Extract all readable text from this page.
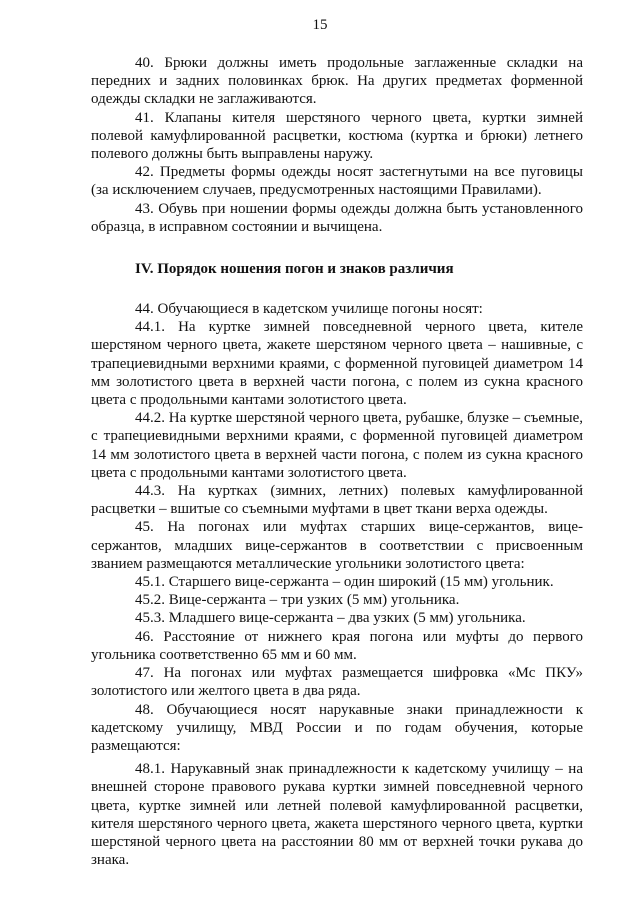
15

40. Брюки должны иметь продольные заглаженные складки на передних и задних половинках брюк. На других предметах форменной одежды складки не заглаживаются.

41. Клапаны кителя шерстяного черного цвета, куртки зимней полевой камуфлированной расцветки, костюма (куртка и брюки) летнего полевого должны быть выправлены наружу.

42. Предметы формы одежды носят застегнутыми на все пуговицы (за исключением случаев, предусмотренных настоящими Правилами).

43. Обувь при ношении формы одежды должна быть установленного образца, в исправном состоянии и вычищена.

IV. Порядок ношения погон и знаков различия

44. Обучающиеся в кадетском училище погоны носят:

44.1. На куртке зимней повседневной черного цвета, кителе шерстяном черного цвета, жакете шерстяном черного цвета – нашивные, с трапециевидными верхними краями, с форменной пуговицей диаметром 14 мм золотистого цвета в верхней части погона, с полем из сукна красного цвета с продольными кантами золотистого цвета.

44.2. На куртке шерстяной черного цвета, рубашке, блузке – съемные, с трапециевидными верхними краями, с форменной пуговицей диаметром 14 мм золотистого цвета в верхней части погона, с полем из сукна красного цвета с продольными кантами золотистого цвета.

44.3. На куртках (зимних, летних) полевых камуфлированной расцветки – вшитые со съемными муфтами в цвет ткани верха одежды.

45. На погонах или муфтах старших вице-сержантов, вице-сержантов, младших вице-сержантов в соответствии с присвоенным званием размещаются металлические угольники золотистого цвета:

45.1. Старшего вице-сержанта – один широкий (15 мм) угольник.

45.2. Вице-сержанта – три узких (5 мм) угольника.

45.3. Младшего вице-сержанта – два узких (5 мм) угольника.

46. Расстояние от нижнего края погона или муфты до первого угольника соответственно 65 мм и 60 мм.

47. На погонах или муфтах размещается шифровка «Мс ПКУ» золотистого или желтого цвета в два ряда.

48. Обучающиеся носят нарукавные знаки принадлежности к кадетскому училищу, МВД России и по годам обучения, которые размещаются:

48.1. Нарукавный знак принадлежности к кадетскому училищу – на внешней стороне правового рукава куртки зимней повседневной черного цвета, куртке зимней или летней полевой камуфлированной расцветки, кителя шерстяного черного цвета, жакета шерстяного черного цвета, куртки шерстяной черного цвета на расстоянии 80 мм от верхней точки рукава до знака.
